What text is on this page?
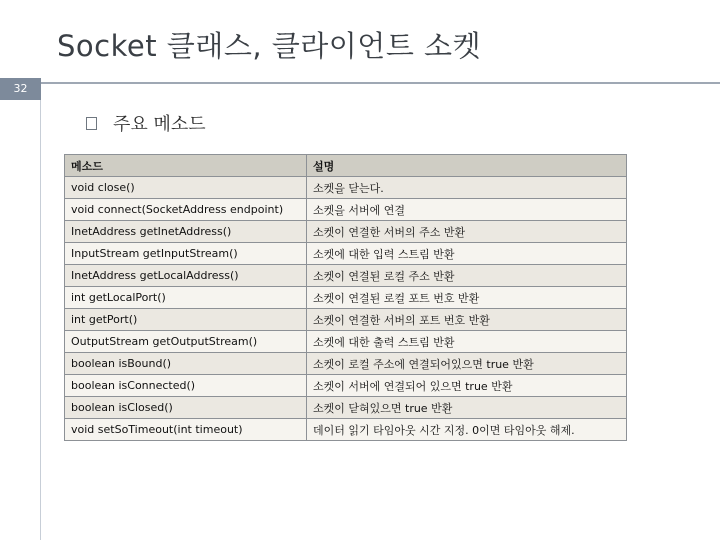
Socket 클래스, 클라이언트 소켓
32
주요 메소드
메소드	설명
void close()	소켓을 닫는다.
void connect(SocketAddress endpoint)	소켓을 서버에 연결
InetAddress getInetAddress()	소켓이 연결한 서버의 주소 반환
InputStream getInputStream()	소켓에 대한 입력 스트림 반환
InetAddress getLocalAddress()	소켓이 연결된 로컬 주소 반환
int getLocalPort()	소켓이 연결된 로컬 포트 번호 반환
int getPort()	소켓이 연결한 서버의 포트 번호 반환
OutputStream getOutputStream()	소켓에 대한 출력 스트림 반환
boolean isBound()	소켓이 로컬 주소에 연결되어있으면 true 반환
boolean isConnected()	소켓이 서버에 연결되어 있으면 true 반환
boolean isClosed()	소켓이 닫혀있으면 true 반환
void setSoTimeout(int timeout)	데이터 읽기 타임아웃 시간 지정. 0이면 타임아웃 해제.
